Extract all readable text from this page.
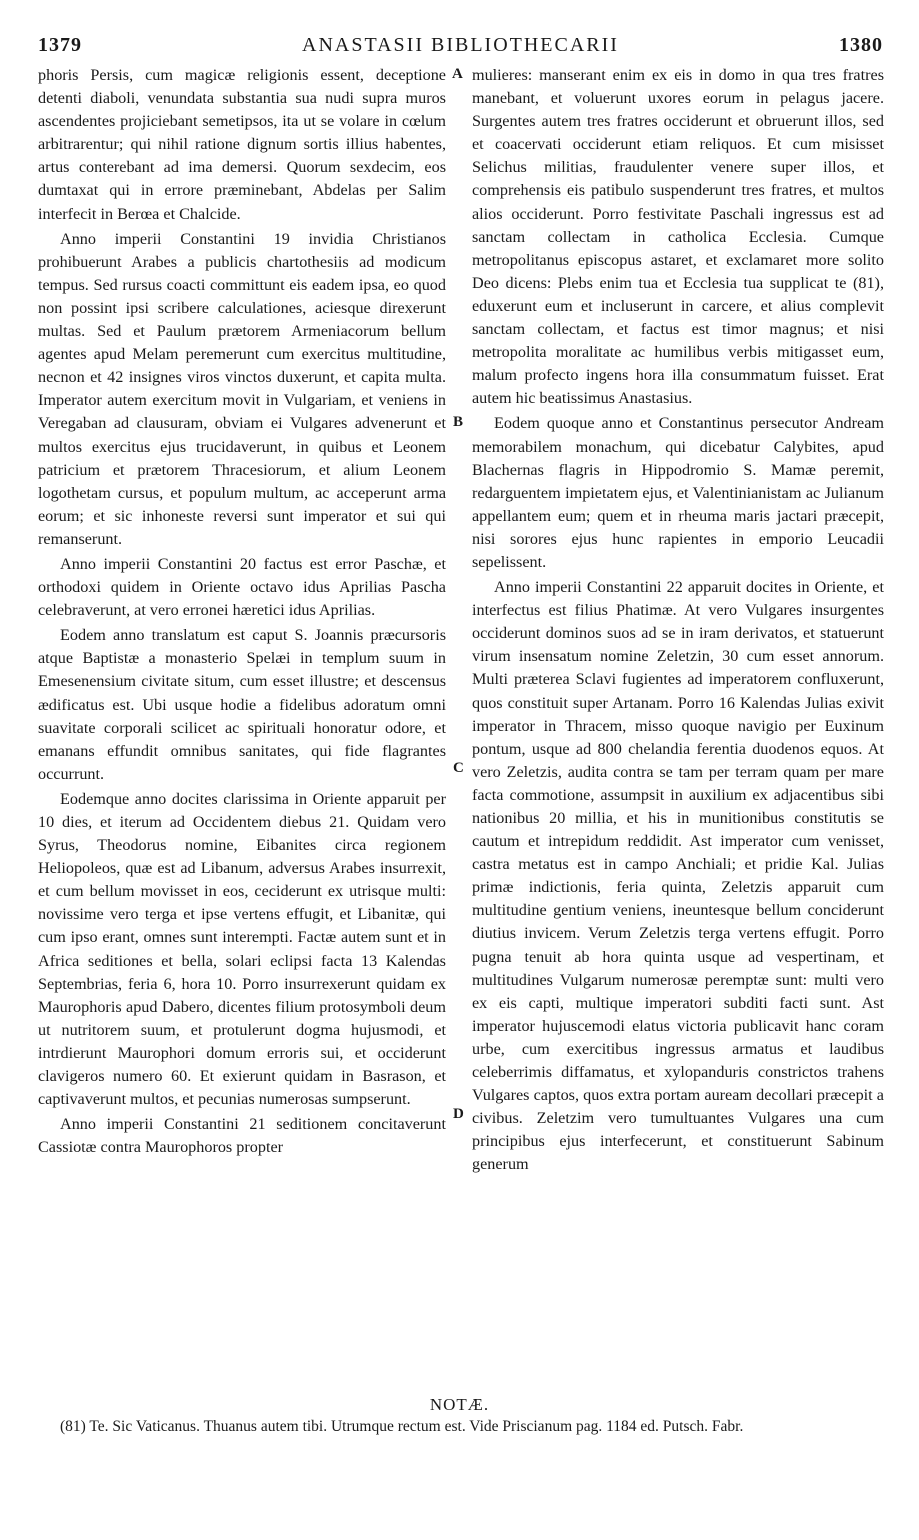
1379	ANASTASII BIBLIOTHECARII	1380

phoris Persis, cum magicæ religionis essent, deceptione detenti diaboli, venundata substantia sua nudi supra muros ascendentes projiciebant semetipsos, ita ut se volare in cœlum arbitrarentur; qui nihil ratione dignum sortis illius habentes, artus conterebant ad ima demersi. Quorum sexdecim, eos dumtaxat qui in errore præminebant, Abdelas per Salim interfecit in Berœa et Chalcide.

Anno imperii Constantini 19 invidia Christianos prohibuerunt Arabes a publicis chartothesiis ad modicum tempus. Sed rursus coacti committunt eis eadem ipsa, eo quod non possint ipsi scribere calculationes, aciesque direxerunt multas. Sed et Paulum prætorem Armeniacorum bellum agentes apud Melam peremerunt cum exercitus multitudine, necnon et 42 insignes viros vinctos duxerunt, et capita multa. Imperator autem exercitum movit in Vulgariam, et veniens in Veregaban ad clausuram, obviam ei Vulgares advenerunt et multos exercitus ejus trucidaverunt, in quibus et Leonem patricium et prætorem Thracesiorum, et alium Leonem logothetam cursus, et populum multum, ac acceperunt arma eorum; et sic inhoneste reversi sunt imperator et sui qui remanserunt.

Anno imperii Constantini 20 factus est error Paschæ, et orthodoxi quidem in Oriente octavo idus Aprilias Pascha celebraverunt, at vero erronei hæretici idus Aprilias.

Eodem anno translatum est caput S. Joannis præcursoris atque Baptistæ a monasterio Spelæi in templum suum in Emesenensium civitate situm, cum esset illustre; et descensus ædificatus est. Ubi usque hodie a fidelibus adoratum omni suavitate corporali scilicet ac spirituali honoratur odore, et emanans effundit omnibus sanitates, qui fide flagrantes occurrunt.

Eodemque anno docites clarissima in Oriente apparuit per 10 dies, et iterum ad Occidentem diebus 21. Quidam vero Syrus, Theodorus nomine, Eibanites circa regionem Heliopoleos, quæ est ad Libanum, adversus Arabes insurrexit, et cum bellum movisset in eos, ceciderunt ex utrisque multi: novissime vero terga et ipse vertens effugit, et Libanitæ, qui cum ipso erant, omnes sunt interempti. Factæ autem sunt et in Africa seditiones et bella, solari eclipsi facta 13 Kalendas Septembrias, feria 6, hora 10. Porro insurrexerunt quidam ex Maurophoris apud Dabero, dicentes filium protosymboli deum ut nutritorem suum, et protulerunt dogma hujusmodi, et intrdierunt Maurophori domum erroris sui, et occiderunt clavigeros numero 60. Et exierunt quidam in Basrason, et captivaverunt multos, et pecunias numerosas sumpserunt.

Anno imperii Constantini 21 seditionem concitaverunt Cassiotæ contra Maurophoros propter

A
B
C
D

mulieres: manserant enim ex eis in domo in qua tres fratres manebant, et voluerunt uxores eorum in pelagus jacere. Surgentes autem tres fratres occiderunt et obruerunt illos, sed et coacervati occiderunt etiam reliquos. Et cum misisset Selichus militias, fraudulenter venere super illos, et comprehensis eis patibulo suspenderunt tres fratres, et multos alios occiderunt. Porro festivitate Paschali ingressus est ad sanctam collectam in catholica Ecclesia. Cumque metropolitanus episcopus astaret, et exclamaret more solito Deo dicens: Plebs enim tua et Ecclesia tua supplicat te (81), eduxerunt eum et incluserunt in carcere, et alius complevit sanctam collectam, et factus est timor magnus; et nisi metropolita moralitate ac humilibus verbis mitigasset eum, malum profecto ingens hora illa consummatum fuisset. Erat autem hic beatissimus Anastasius.

Eodem quoque anno et Constantinus persecutor Andream memorabilem monachum, qui dicebatur Calybites, apud Blachernas flagris in Hippodromio S. Mamæ peremit, redarguentem impietatem ejus, et Valentinianistam ac Julianum appellantem eum; quem et in rheuma maris jactari præcepit, nisi sorores ejus hunc rapientes in emporio Leucadii sepelissent.

Anno imperii Constantini 22 apparuit docites in Oriente, et interfectus est filius Phatimæ. At vero Vulgares insurgentes occiderunt dominos suos ad se in iram derivatos, et statuerunt virum insensatum nomine Zeletzin, 30 cum esset annorum. Multi præterea Sclavi fugientes ad imperatorem confluxerunt, quos constituit super Artanam. Porro 16 Kalendas Julias exivit imperator in Thracem, misso quoque navigio per Euxinum pontum, usque ad 800 chelandia ferentia duodenos equos. At vero Zeletzis, audita contra se tam per terram quam per mare facta commotione, assumpsit in auxilium ex adjacentibus sibi nationibus 20 millia, et his in munitionibus constitutis se cautum et intrepidum reddidit. Ast imperator cum venisset, castra metatus est in campo Anchiali; et pridie Kal. Julias primæ indictionis, feria quinta, Zeletzis apparuit cum multitudine gentium veniens, ineuntesque bellum conciderunt diutius invicem. Verum Zeletzis terga vertens effugit. Porro pugna tenuit ab hora quinta usque ad vespertinam, et multitudines Vulgarum numerosæ peremptæ sunt: multi vero ex eis capti, multique imperatori subditi facti sunt. Ast imperator hujuscemodi elatus victoria publicavit hanc coram urbe, cum exercitibus ingressus armatus et laudibus celeberrimis diffamatus, et xylopanduris constrictos trahens Vulgares captos, quos extra portam auream decollari præcepit a civibus. Zeletzim vero tumultuantes Vulgares una cum principibus ejus interfecerunt, et constituerunt Sabinum generum

NOTÆ.

(81) Te. Sic Vaticanus. Thuanus autem tibi. Utrumque rectum est. Vide Priscianum pag. 1184 ed. Putsch. Fabr.
